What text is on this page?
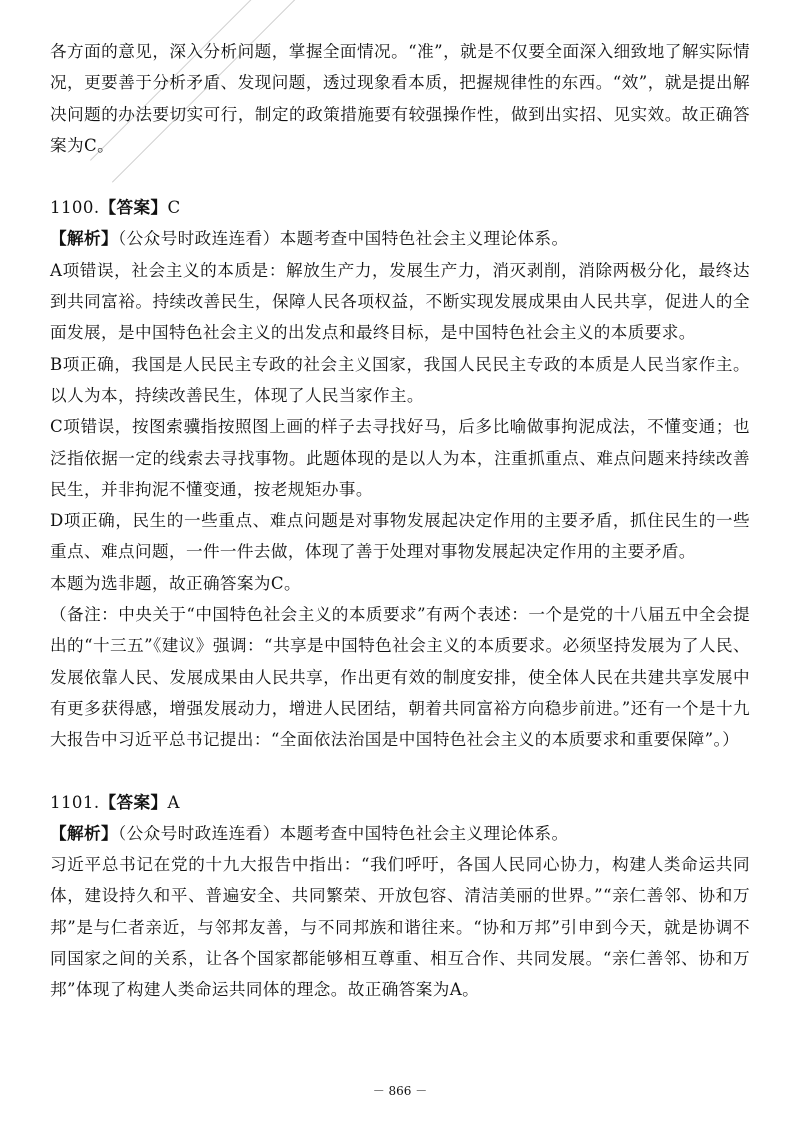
各方面的意见，深入分析问题，掌握全面情况。“准”，就是不仅要全面深入细致地了解实际情况，更要善于分析矛盾、发现问题，透过现象看本质，把握规律性的东西。“效”，就是提出解决问题的办法要切实可行，制定的政策措施要有较强操作性，做到出实招、见实效。故正确答案为C。

1100.【答案】C

【解析】（公众号时政连连看）本题考查中国特色社会主义理论体系。

A项错误，社会主义的本质是：解放生产力，发展生产力，消灭剥削，消除两极分化，最终达到共同富裕。持续改善民生，保障人民各项权益，不断实现发展成果由人民共享，促进人的全面发展，是中国特色社会主义的出发点和最终目标，是中国特色社会主义的本质要求。

B项正确，我国是人民民主专政的社会主义国家，我国人民民主专政的本质是人民当家作主。以人为本，持续改善民生，体现了人民当家作主。

C项错误，按图索骥指按照图上画的样子去寻找好马，后多比喻做事拘泥成法，不懂变通；也泛指依据一定的线索去寻找事物。此题体现的是以人为本，注重抓重点、难点问题来持续改善民生，并非拘泥不懂变通，按老规矩办事。

D项正确，民生的一些重点、难点问题是对事物发展起决定作用的主要矛盾，抓住民生的一些重点、难点问题，一件一件去做，体现了善于处理对事物发展起决定作用的主要矛盾。

本题为选非题，故正确答案为C。

（备注：中央关于“中国特色社会主义的本质要求”有两个表述：一个是党的十八届五中全会提出的“十三五”《建议》强调：“共享是中国特色社会主义的本质要求。必须坚持发展为了人民、发展依靠人民、发展成果由人民共享，作出更有效的制度安排，使全体人民在共建共享发展中有更多获得感，增强发展动力，增进人民团结，朝着共同富裕方向稳步前进。”还有一个是十九大报告中习近平总书记提出：“全面依法治国是中国特色社会主义的本质要求和重要保障”。）

1101.【答案】A

【解析】（公众号时政连连看）本题考查中国特色社会主义理论体系。

习近平总书记在党的十九大报告中指出：“我们呼吁，各国人民同心协力，构建人类命运共同体，建设持久和平、普遍安全、共同繁荣、开放包容、清洁美丽的世界。”“亲仁善邻、协和万邦”是与仁者亲近，与邻邦友善，与不同邦族和谐往来。“协和万邦”引申到今天，就是协调不同国家之间的关系，让各个国家都能够相互尊重、相互合作、共同发展。“亲仁善邻、协和万邦”体现了构建人类命运共同体的理念。故正确答案为A。

－ 866 －
